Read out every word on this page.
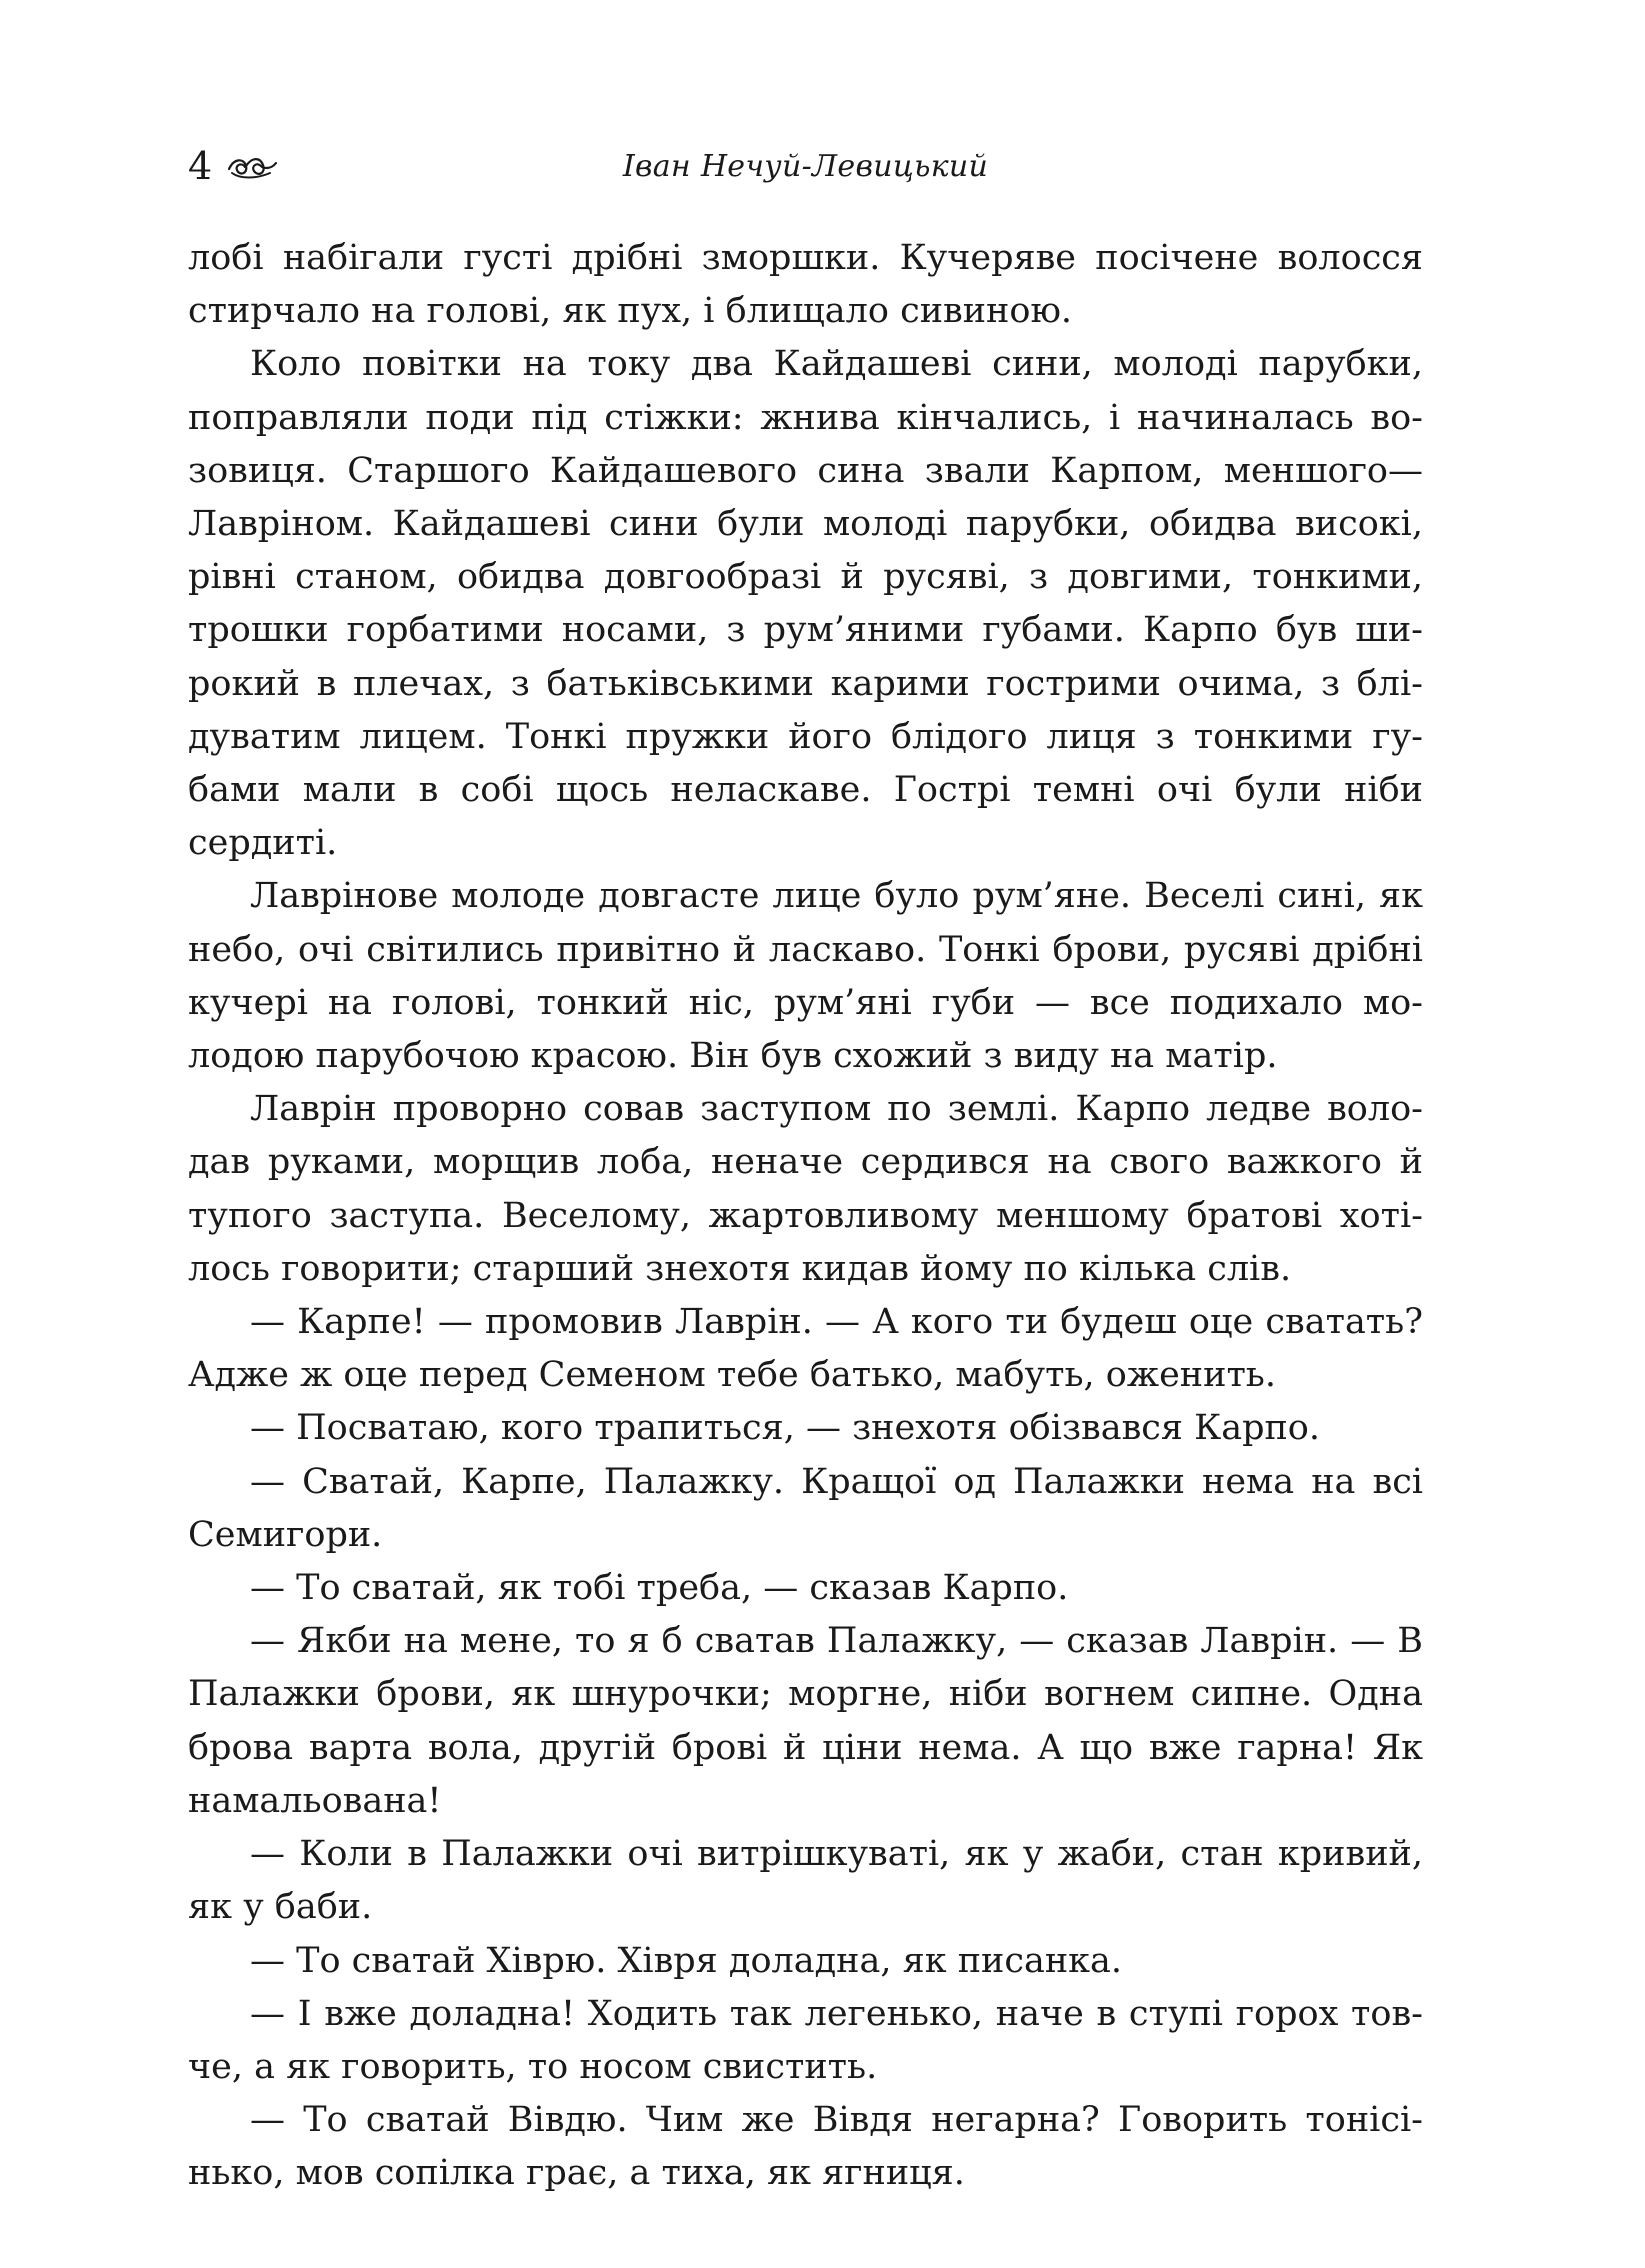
4	Іван Нечуй-Левицький

лобі набігали густі дрібні зморшки. Кучеряве посічене волосся стирчало на голові, як пух, і блищало сивиною.

Коло повітки на току два Кайдашеві сини, молоді парубки, поправляли поди під стіжки: жнива кінчались, і начиналась возовиця. Старшого Кайдашевого сина звали Карпом, меншого— Лавріном. Кайдашеві сини були молоді парубки, обидва високі, рівні станом, обидва довгообразі й русяві, з довгими, тонкими, трошки горбатими носами, з рум’яними губами. Карпо був широкий в плечах, з батьківськими карими гострими очима, з блідуватим лицем. Тонкі пружки його блідого лиця з тонкими губами мали в собі щось неласкаве. Гострі темні очі були ніби сердиті.

Лаврінове молоде довгасте лице було рум’яне. Веселі сині, як небо, очі світились привітно й ласкаво. Тонкі брови, русяві дрібні кучері на голові, тонкий ніс, рум’яні губи — все подихало молодою парубочою красою. Він був схожий з виду на матір.

Лаврін проворно совав заступом по землі. Карпо ледве володав руками, морщив лоба, неначе сердився на свого важкого й тупого заступа. Веселому, жартовливому меншому братові хотілось говорити; старший знехотя кидав йому по кілька слів.

— Карпе! — промовив Лаврін. — А кого ти будеш оце сватать? Адже ж оце перед Семеном тебе батько, мабуть, оженить.

— Посватаю, кого трапиться, — знехотя обізвався Карпо.

— Сватай, Карпе, Палажку. Кращої од Палажки нема на всі Семигори.

— То сватай, як тобі треба, — сказав Карпо.

— Якби на мене, то я б сватав Палажку, — сказав Лаврін. — В Палажки брови, як шнурочки; моргне, ніби вогнем сипне. Одна брова варта вола, другій брові й ціни нема. А що вже гарна! Як намальована!

— Коли в Палажки очі витрішкуваті, як у жаби, стан кривий, як у баби.

— То сватай Хіврю. Хівря доладна, як писанка.

— І вже доладна! Ходить так легенько, наче в ступі горох товче, а як говорить, то носом свистить.

— То сватай Вівдю. Чим же Вівдя негарна? Говорить тонісінько, мов сопілка грає, а тиха, як ягниця.
